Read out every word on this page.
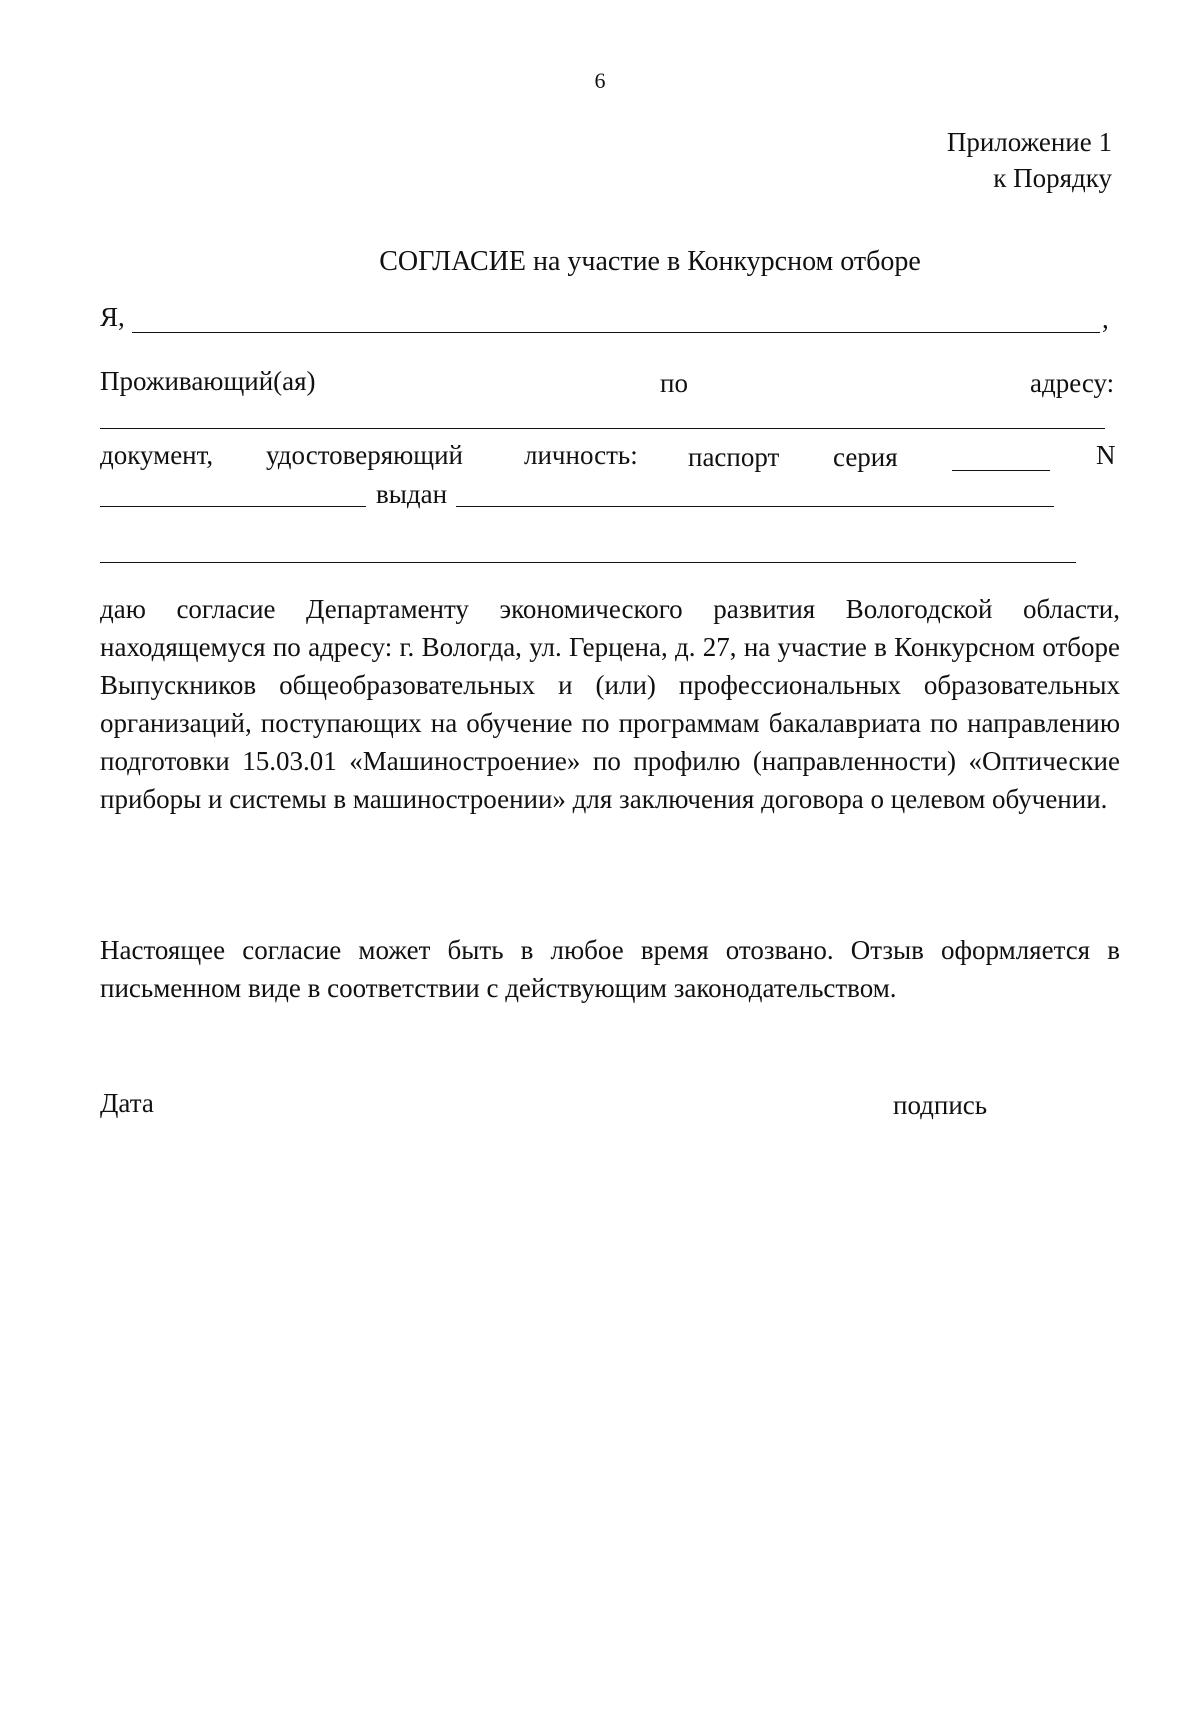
6
Приложение 1
к Порядку
СОГЛАСИЕ на участие в Конкурсном отборе
Я,	,
Проживающий(ая)	по	адресу:
документ, удостоверяющий личность: паспорт серия	N
выдан

даю согласие Департаменту экономического развития Вологодской области, находящемуся по адресу: г. Вологда, ул. Герцена, д. 27, на участие в Конкурсном отборе Выпускников общеобразовательных и (или) профессиональных образовательных организаций, поступающих на обучение по программам бакалавриата по направлению подготовки 15.03.01 «Машиностроение» по профилю (направленности) «Оптические приборы и системы в машиностроении» для заключения договора о целевом обучении.

Настоящее согласие может быть в любое время отозвано. Отзыв оформляется в письменном виде в соответствии с действующим законодательством.

Дата	подпись
